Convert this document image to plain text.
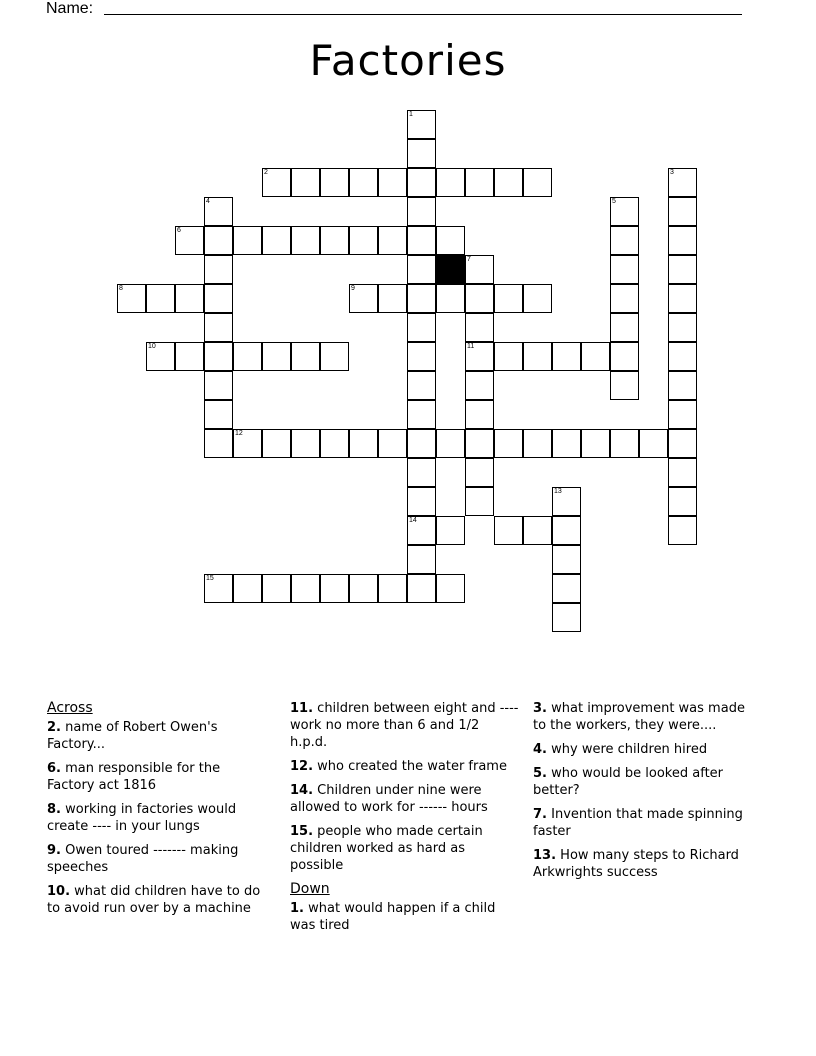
Name:
Factories
1
2	3
4	5
6
7
8	9
10	11
12
13
14
15
Across
2. name of Robert Owen's Factory...
6. man responsible for the Factory act 1816
8. working in factories would create ---- in your lungs
9. Owen toured ------- making speeches
10. what did children have to do to avoid run over by a machine
11. children between eight and ---- work no more than 6 and 1/2 h.p.d.
12. who created the water frame
14. Children under nine were allowed to work for ------ hours
15. people who made certain children worked as hard as possible
Down
1. what would happen if a child was tired
3. what improvement was made to the workers, they were....
4. why were children hired
5. who would be looked after better?
7. Invention that made spinning faster
13. How many steps to Richard Arkwrights success
